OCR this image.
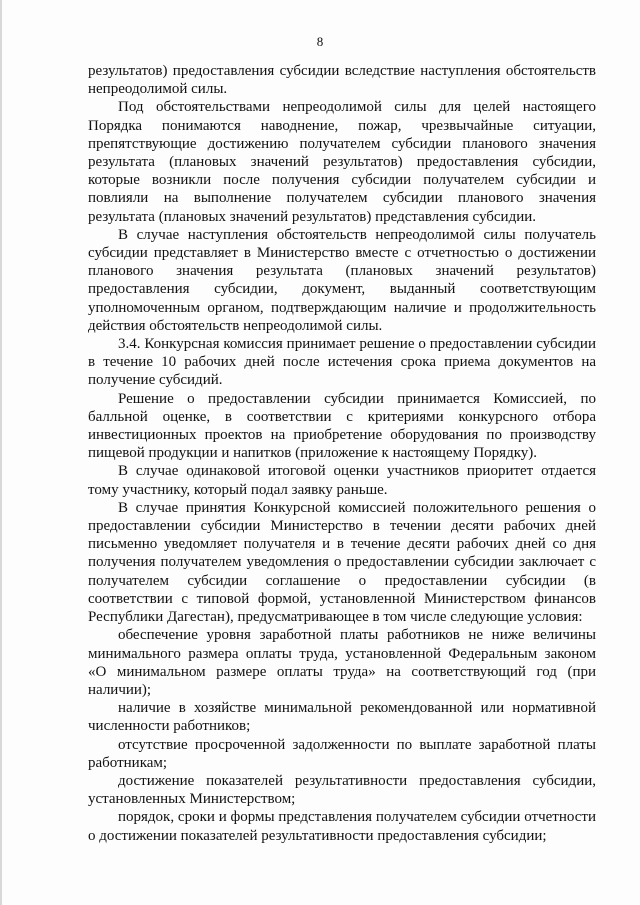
8

результатов) предоставления субсидии вследствие наступления обстоятельств непреодолимой силы.

Под обстоятельствами непреодолимой силы для целей настоящего Порядка понимаются наводнение, пожар, чрезвычайные ситуации, препятствующие достижению получателем субсидии планового значения результата (плановых значений результатов) предоставления субсидии, которые возникли после получения субсидии получателем субсидии и повлияли на выполнение получателем субсидии планового значения результата (плановых значений результатов) представления субсидии.

В случае наступления обстоятельств непреодолимой силы получатель субсидии представляет в Министерство вместе с отчетностью о достижении планового значения результата (плановых значений результатов) предоставления субсидии, документ, выданный соответствующим уполномоченным органом, подтверждающим наличие и продолжительность действия обстоятельств непреодолимой силы.

3.4. Конкурсная комиссия принимает решение о предоставлении субсидии в течение 10 рабочих дней после истечения срока приема документов на получение субсидий.

Решение о предоставлении субсидии принимается Комиссией, по балльной оценке, в соответствии с критериями конкурсного отбора инвестиционных проектов на приобретение оборудования по производству пищевой продукции и напитков (приложение к настоящему Порядку).

В случае одинаковой итоговой оценки участников приоритет отдается тому участнику, который подал заявку раньше.

В случае принятия Конкурсной комиссией положительного решения о предоставлении субсидии Министерство в течении десяти рабочих дней письменно уведомляет получателя и в течение десяти рабочих дней со дня получения получателем уведомления о предоставлении субсидии заключает с получателем субсидии соглашение о предоставлении субсидии (в соответствии с типовой формой, установленной Министерством финансов Республики Дагестан), предусматривающее в том числе следующие условия:

обеспечение уровня заработной платы работников не ниже величины минимального размера оплаты труда, установленной Федеральным законом «О минимальном размере оплаты труда» на соответствующий год (при наличии);

наличие в хозяйстве минимальной рекомендованной или нормативной численности работников;

отсутствие просроченной задолженности по выплате заработной платы работникам;

достижение показателей результативности предоставления субсидии, установленных Министерством;

порядок, сроки и формы представления получателем субсидии отчетности о достижении показателей результативности предоставления субсидии;
